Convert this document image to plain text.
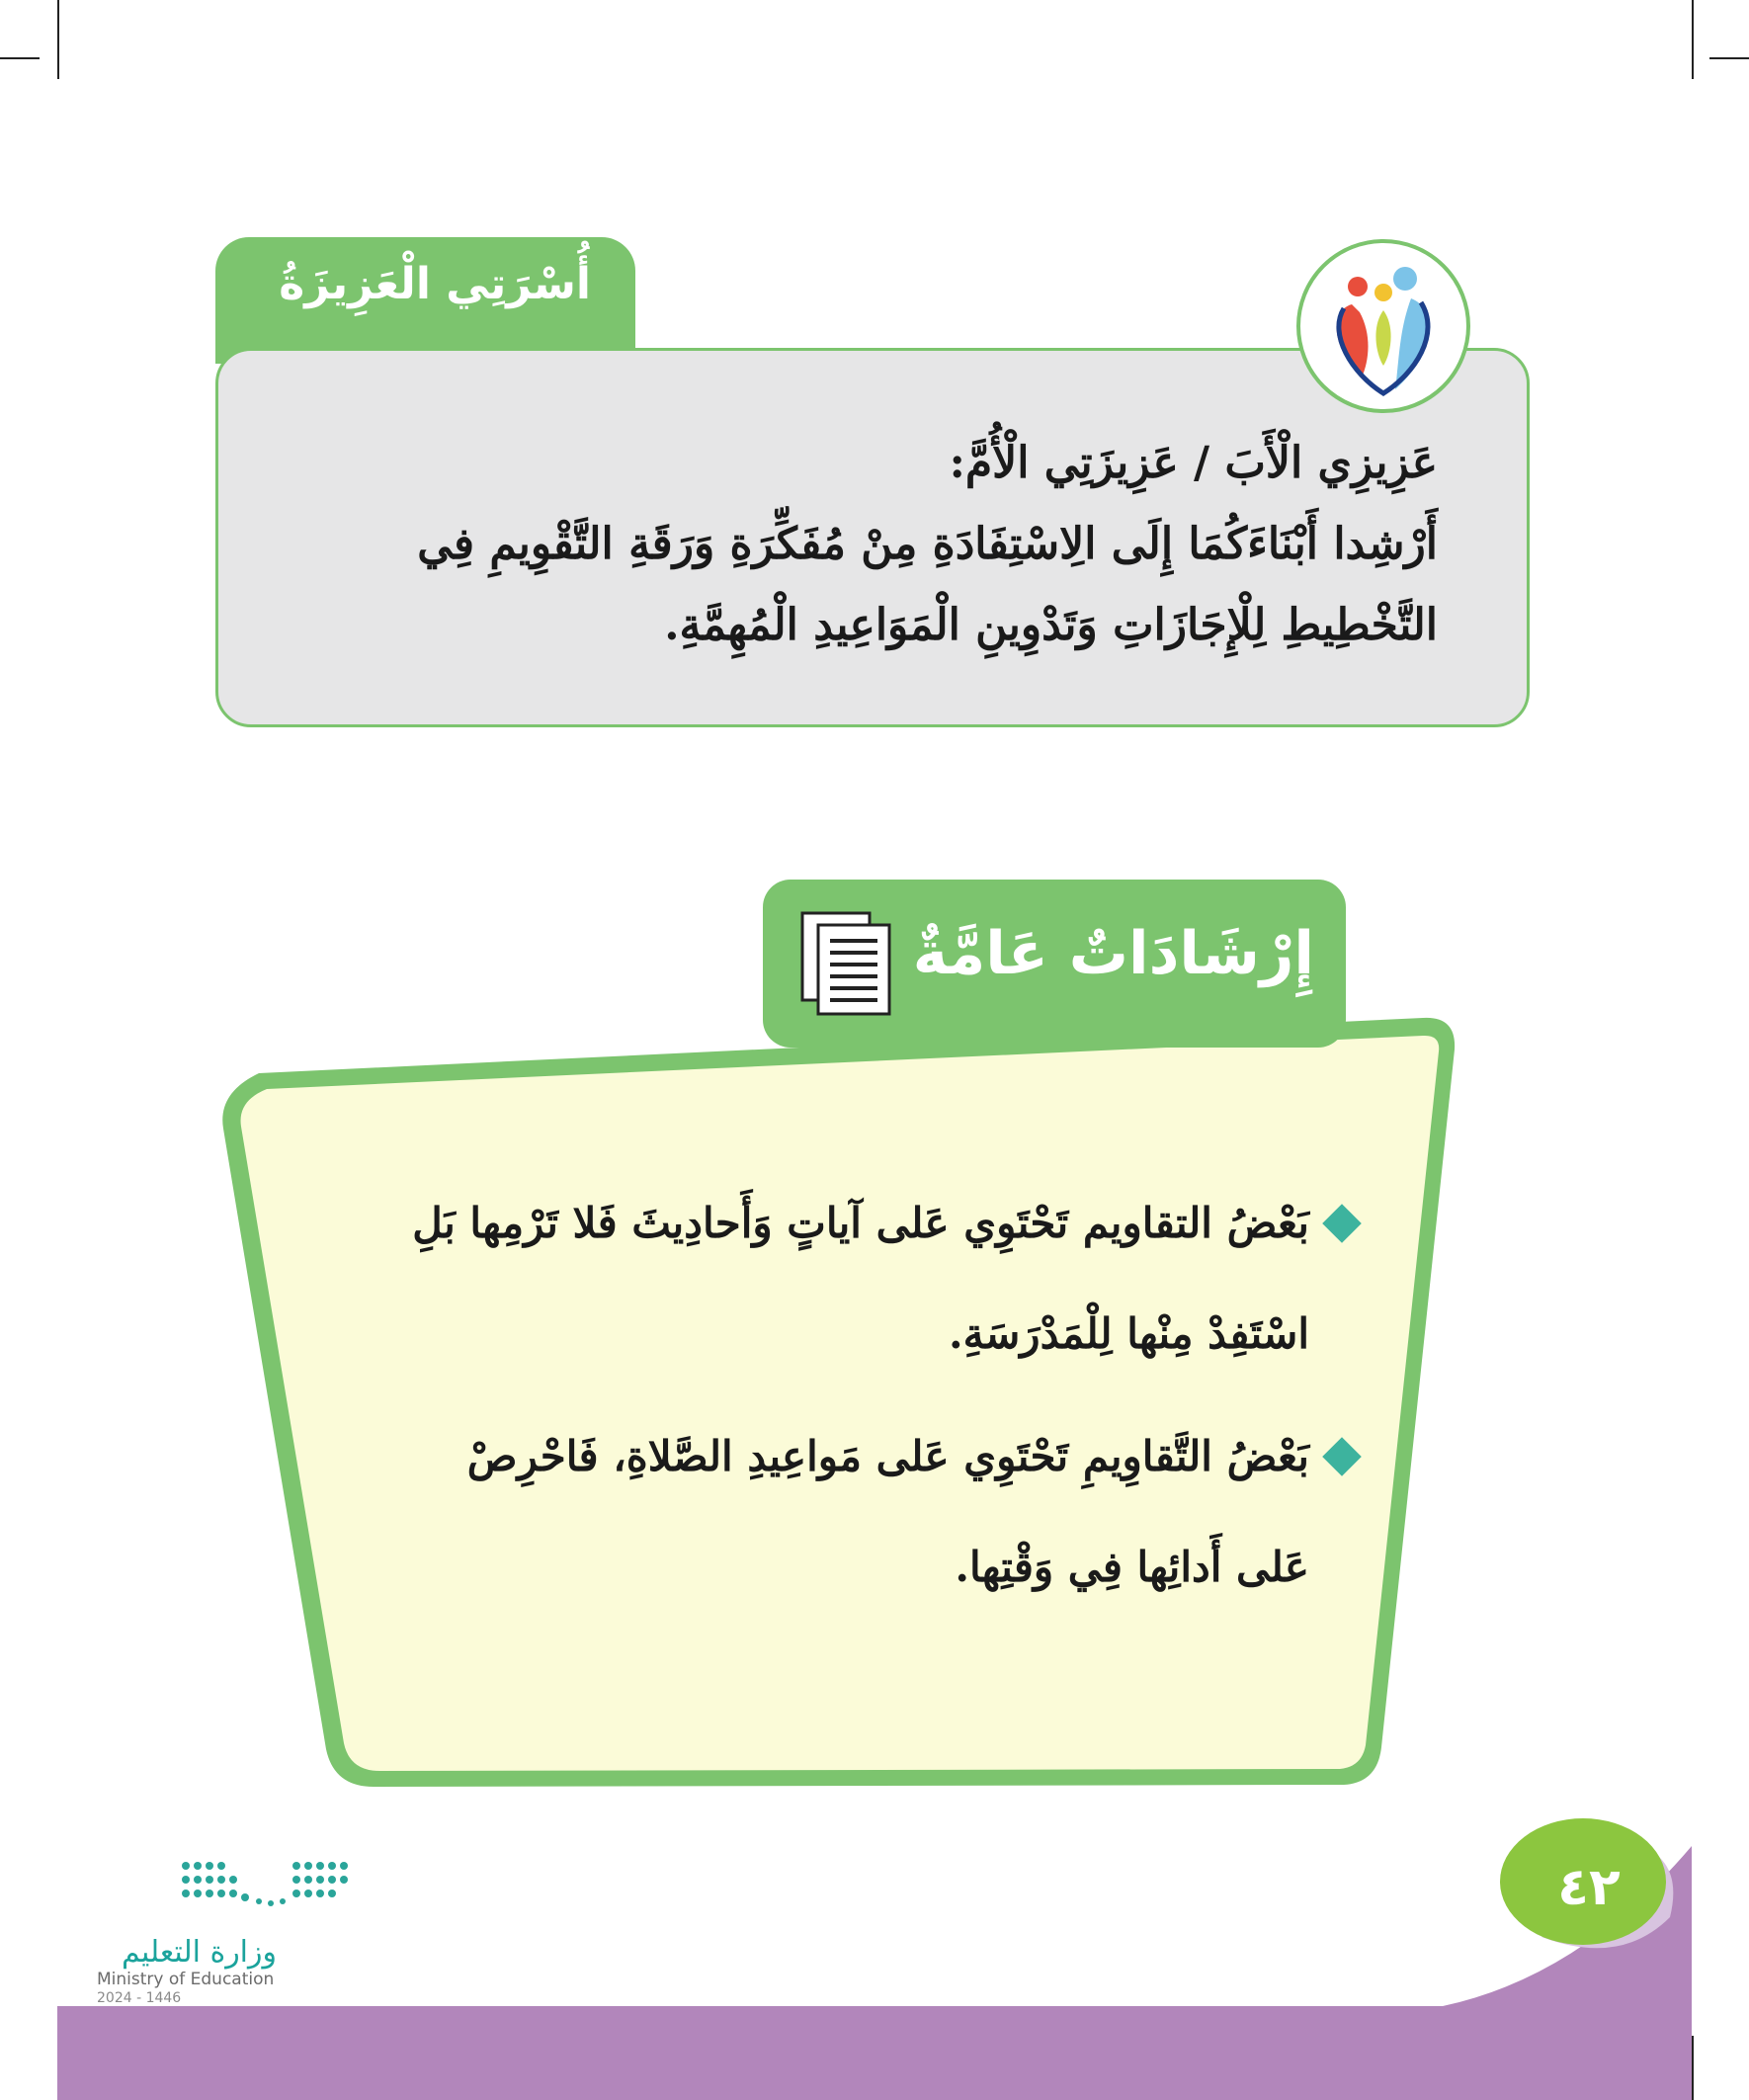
أُسْرَتِي الْعَزِيزَةُ
عَزِيزِي الْأَبَ / عَزِيزَتِي الْأُمَّ:
أَرْشِدا أَبْنَاءَكُمَا إِلَى الِاسْتِفَادَةِ مِنْ مُفَكِّرَةِ وَرَقَةِ التَّقْوِيمِ فِي التَّخْطِيطِ لِلْإِجَازَاتِ وَتَدْوِينِ الْمَوَاعِيدِ الْمُهِمَّةِ.
إِرْشَادَاتٌ عَامَّةٌ
بَعْضُ التقاويم تَحْتَوِي عَلى آياتٍ وَأَحادِيثَ فَلا تَرْمِها بَلِ اسْتَفِدْ مِنْها لِلْمَدْرَسَةِ.
بَعْضُ التَّقاوِيمِ تَحْتَوِي عَلى مَواعِيدِ الصَّلاةِ، فَاحْرِصْ عَلى أَدائِها فِي وَقْتِها.
٤٢
وزارة التعليم
Ministry of Education
2024 - 1446
